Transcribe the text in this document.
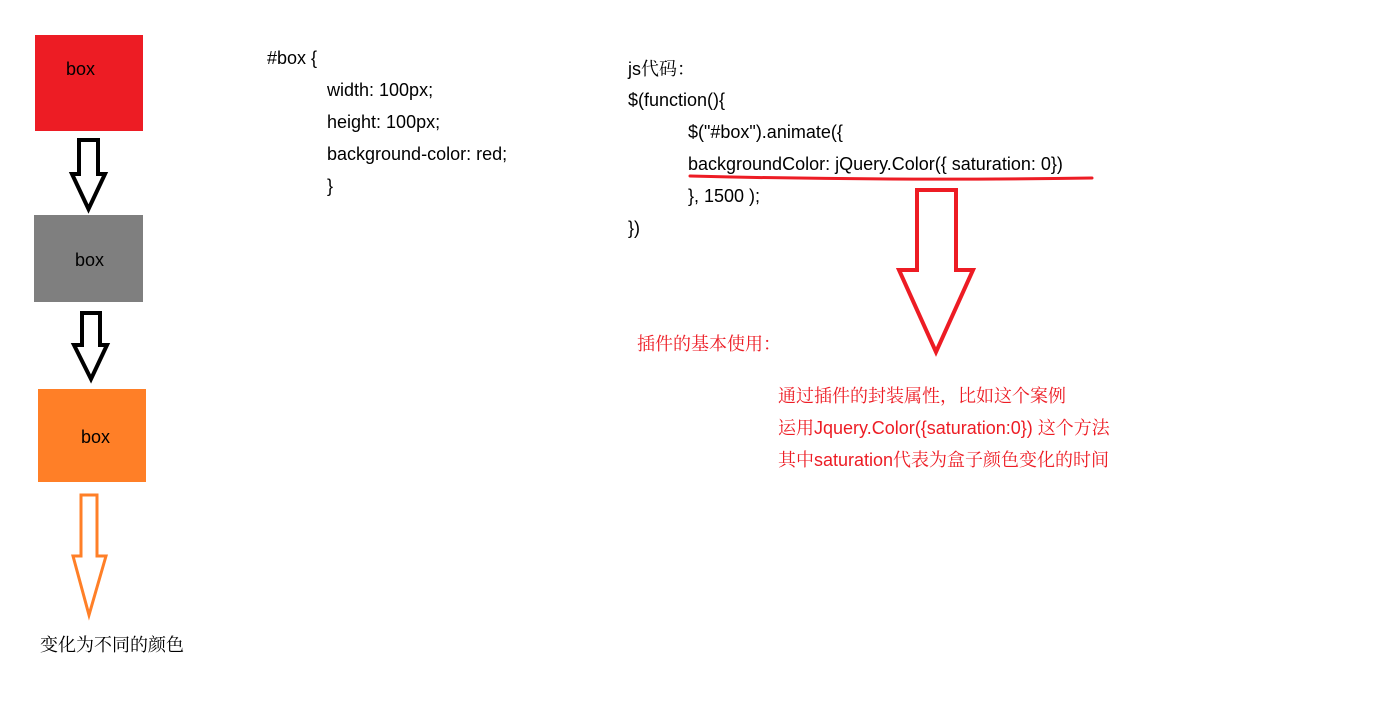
box
box
box
变化为不同的颜色
#box {
width: 100px;
height: 100px;
background-color: red;
}
js代码：
$(function(){
$("#box").animate({
backgroundColor: jQuery.Color({ saturation: 0})
}, 1500 );
})
插件的基本使用：
通过插件的封装属性，比如这个案例
运用Jquery.Color({saturation:0}) 这个方法
其中saturation代表为盒子颜色变化的时间
